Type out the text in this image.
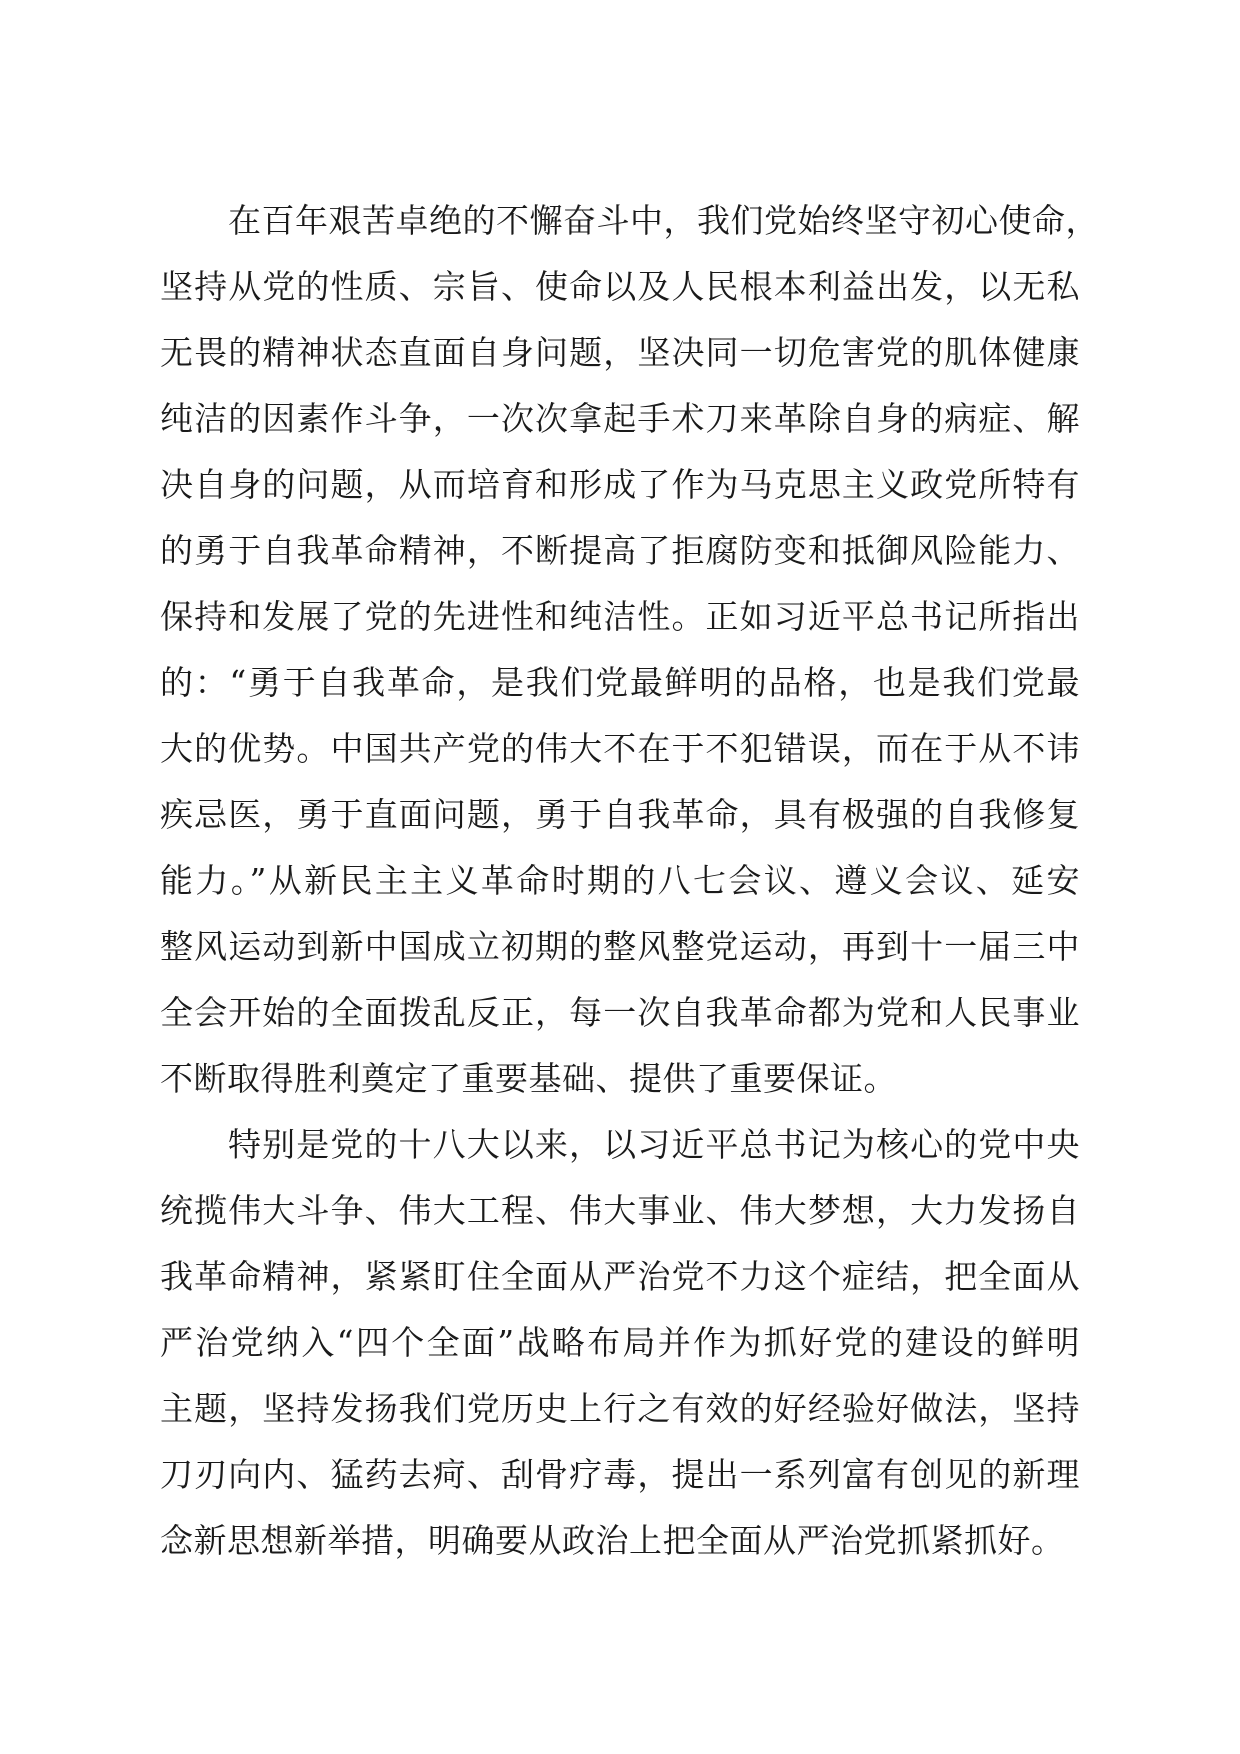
在百年艰苦卓绝的不懈奋斗中，我们党始终坚守初心使命，
坚持从党的性质、宗旨、使命以及人民根本利益出发，以无私
无畏的精神状态直面自身问题，坚决同一切危害党的肌体健康
纯洁的因素作斗争，一次次拿起手术刀来革除自身的病症、解
决自身的问题，从而培育和形成了作为马克思主义政党所特有
的勇于自我革命精神，不断提高了拒腐防变和抵御风险能力、
保持和发展了党的先进性和纯洁性。正如习近平总书记所指出
的：“勇于自我革命，是我们党最鲜明的品格，也是我们党最
大的优势。中国共产党的伟大不在于不犯错误，而在于从不讳
疾忌医，勇于直面问题，勇于自我革命，具有极强的自我修复
能力。”从新民主主义革命时期的八七会议、遵义会议、延安
整风运动到新中国成立初期的整风整党运动，再到十一届三中
全会开始的全面拨乱反正，每一次自我革命都为党和人民事业
不断取得胜利奠定了重要基础、提供了重要保证。
特别是党的十八大以来，以习近平总书记为核心的党中央
统揽伟大斗争、伟大工程、伟大事业、伟大梦想，大力发扬自
我革命精神，紧紧盯住全面从严治党不力这个症结，把全面从
严治党纳入“四个全面”战略布局并作为抓好党的建设的鲜明
主题，坚持发扬我们党历史上行之有效的好经验好做法，坚持
刀刃向内、猛药去疴、刮骨疗毒，提出一系列富有创见的新理
念新思想新举措，明确要从政治上把全面从严治党抓紧抓好。
